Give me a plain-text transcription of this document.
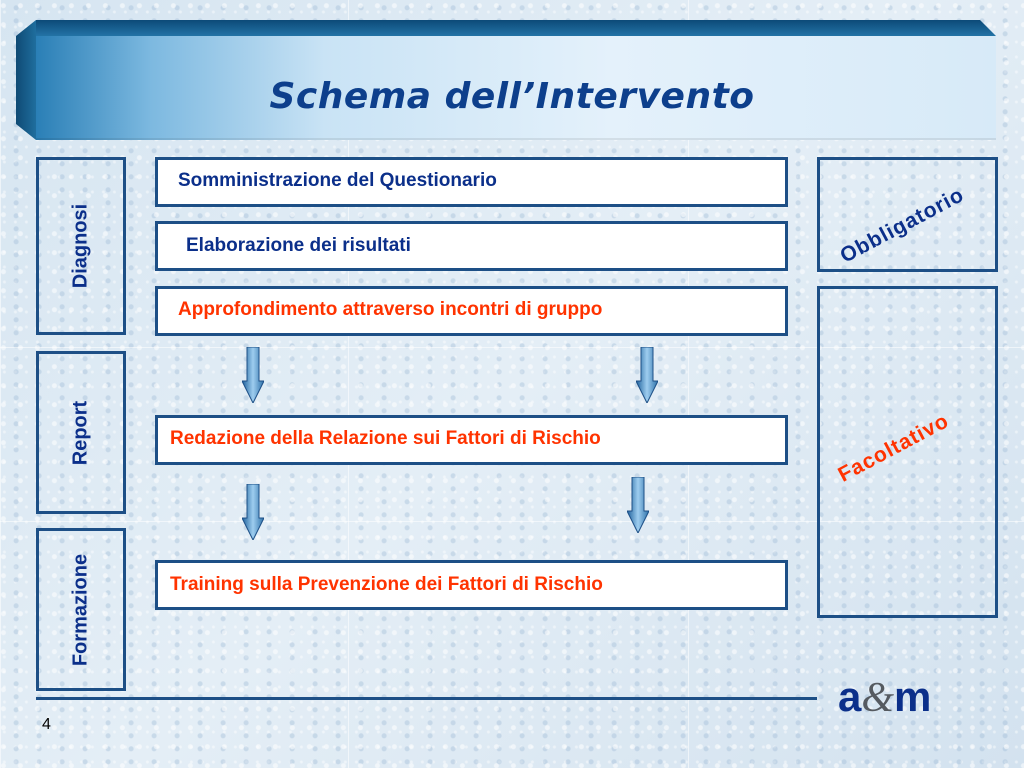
Schema dell’Intervento
Diagnosi
Report
Formazione
Somministrazione del Questionario
Elaborazione dei risultati
Approfondimento attraverso incontri di gruppo
Redazione della Relazione sui Fattori di Rischio
Training sulla Prevenzione dei Fattori di Rischio
Obbligatorio
Facoltativo
4
a&m
